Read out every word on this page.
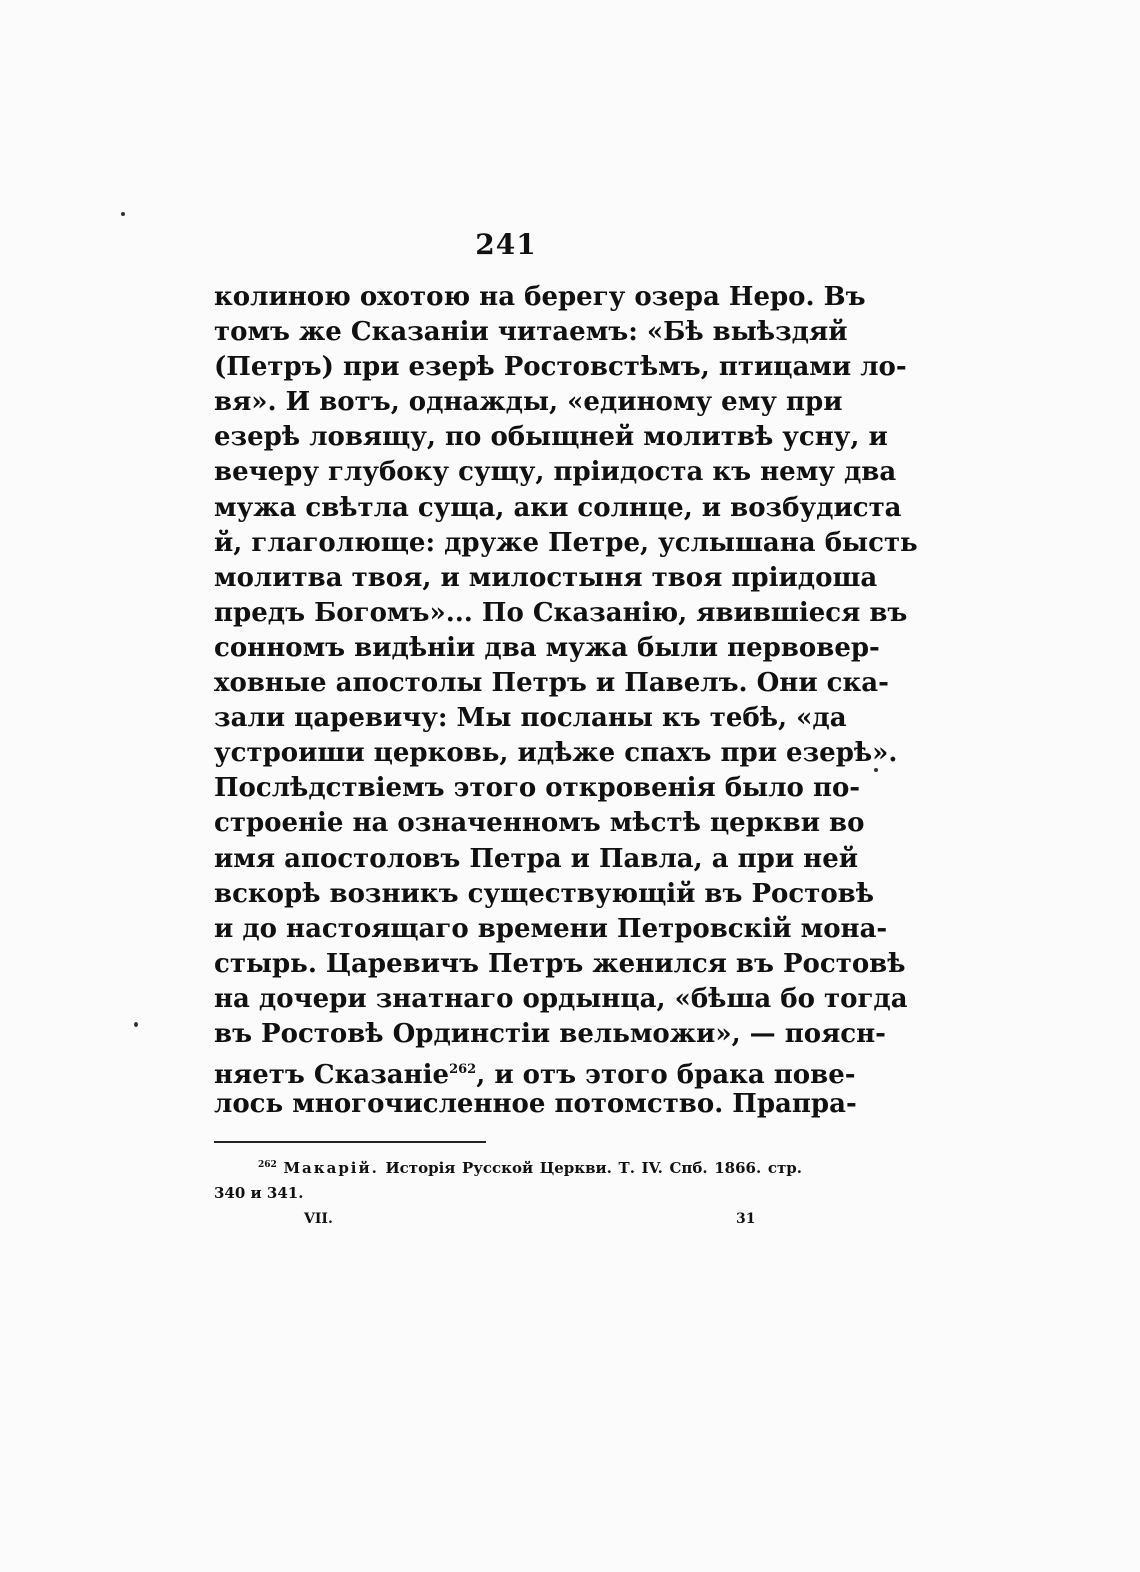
241
колиною охотою на берегу озера Неро. Въ
томъ же Сказанiи читаемъ: «Бѣ выѣздяй
(Петръ) при езерѣ Ростовстѣмъ, птицами ло-
вя». И вотъ, однажды, «единому ему при
езерѣ ловящу, по обыщней молитвѣ усну, и
вечеру глубоку сущу, прiидоста къ нему два
мужа свѣтла суща, аки солнце, и возбудиста
й, глаголюще: друже Петре, услышана бысть
молитва твоя, и милостыня твоя прiидоша
предъ Богомъ»... По Сказанiю, явившiеся въ
сонномъ видѣнiи два мужа были первовер-
ховные апостолы Петръ и Павелъ. Они ска-
зали царевичу: Мы посланы къ тебѣ, «да
устроиши церковь, идѣже спахъ при езерѣ».
Послѣдствiемъ этого откровенiя было по-
строенiе на означенномъ мѣстѣ церкви во
имя апостоловъ Петра и Павла, а при ней
вскорѣ возникъ существующiй въ Ростовѣ
и до настоящаго времени Петровскiй мона-
стырь. Царевичъ Петръ женился въ Ростовѣ
на дочери знатнаго ордынца, «бѣша бо тогда
въ Ростовѣ Ординстiи вельможи», — поясн-
няетъ Сказанiе$^{262}$, и отъ этого брака повe-
лось многочисленное потомство. Прапра-
$^{262}$ Макарiй. Исторiя Русской Церкви. Т. IV. Спб. 1866. стр.
340 и 341.
VII.	31
